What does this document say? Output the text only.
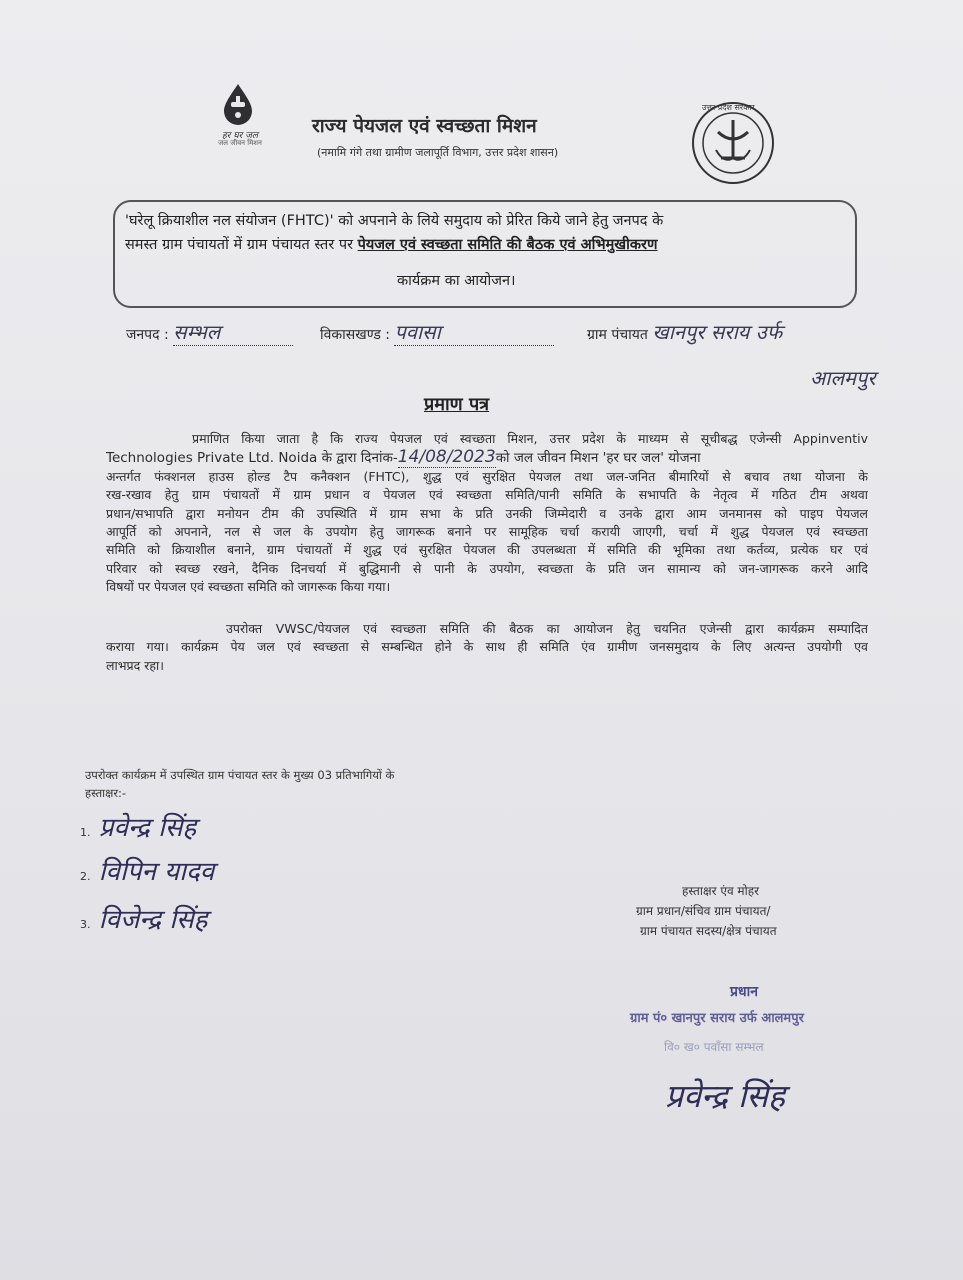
हर घर जल
जल जीवन मिशन
राज्य पेयजल एवं स्वच्छता मिशन
(नमामि गंगे तथा ग्रामीण जलापूर्ति विभाग, उत्तर प्रदेश शासन)
उत्तर प्रदेश सरकार
'घरेलू क्रियाशील नल संयोजन (FHTC)' को अपनाने के लिये समुदाय को प्रेरित किये जाने हेतु जनपद के
समस्त ग्राम पंचायतों में ग्राम पंचायत स्तर पर पेयजल एवं स्वच्छता समिति की बैठक एवं अभिमुखीकरण
कार्यक्रम का आयोजन।
जनपद : सम्भल	विकासखण्ड : पवासा	ग्राम पंचायत खानपुर सराय उर्फ
आलमपुर
प्रमाण पत्र
प्रमाणित किया जाता है कि राज्य पेयजल एवं स्वच्छता मिशन, उत्तर प्रदेश के माध्यम से सूचीबद्ध एजेन्सी Appinventiv
Technologies Private Ltd. Noida के द्वारा दिनांक-14/08/2023को जल जीवन मिशन 'हर घर जल' योजना
अन्तर्गत फंक्शनल हाउस होल्ड टैप कनैक्शन (FHTC), शुद्ध एवं सुरक्षित पेयजल तथा जल-जनित बीमारियों से बचाव तथा योजना के
रख-रखाव हेतु ग्राम पंचायतों में ग्राम प्रधान व पेयजल एवं स्वच्छता समिति/पानी समिति के सभापति के नेतृत्व में गठित टीम अथवा
प्रधान/सभापति द्वारा मनोयन टीम की उपस्थिति में ग्राम सभा के प्रति उनकी जिम्मेदारी व उनके द्वारा आम जनमानस को पाइप पेयजल
आपूर्ति को अपनाने, नल से जल के उपयोग हेतु जागरूक बनाने पर सामूहिक चर्चा करायी जाएगी, चर्चा में शुद्ध पेयजल एवं स्वच्छता
समिति को क्रियाशील बनाने, ग्राम पंचायतों में शुद्ध एवं सुरक्षित पेयजल की उपलब्धता में समिति की भूमिका तथा कर्तव्य, प्रत्येक घर एवं
परिवार को स्वच्छ रखने, दैनिक दिनचर्या में बुद्धिमानी से पानी के उपयोग, स्वच्छता के प्रति जन सामान्य को जन-जागरूक करने आदि
विषयों पर पेयजल एवं स्वच्छता समिति को जागरूक किया गया।
उपरोक्त VWSC/पेयजल एवं स्वच्छता समिति की बैठक का आयोजन हेतु चयनित एजेन्सी द्वारा कार्यक्रम सम्पादित
कराया गया। कार्यक्रम पेय जल एवं स्वच्छता से सम्बन्धित होने के साथ ही समिति एंव ग्रामीण जनसमुदाय के लिए अत्यन्त उपयोगी एव
लाभप्रद रहा।
उपरोक्त कार्यक्रम में उपस्थित ग्राम पंचायत स्तर के मुख्य 03 प्रतिभागियों के
हस्ताक्षर:-
1. प्रवेन्द्र सिंह
2. विपिन यादव
3. विजेन्द्र सिंह
हस्ताक्षर एंव मोहर
ग्राम प्रधान/संचिव ग्राम पंचायत/
ग्राम पंचायत सदस्य/क्षेत्र पंचायत
प्रधान
ग्राम पं० खानपुर सराय उर्फ आलमपुर
वि० ख० पवाँसा सम्भल
प्रवेन्द्र सिंह
